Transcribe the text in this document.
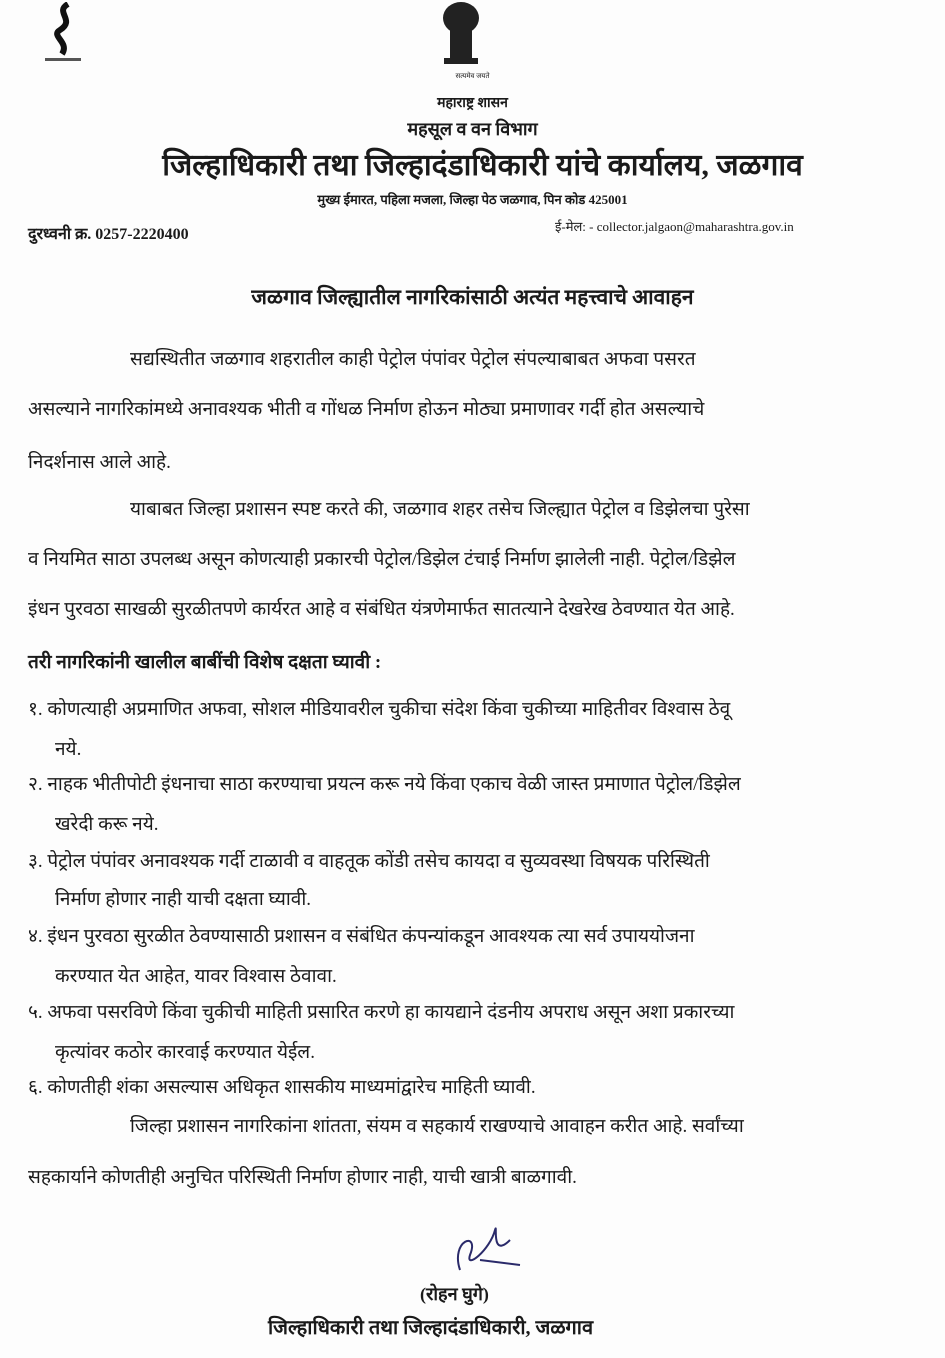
सत्यमेव जयते
महाराष्ट्र शासन
महसूल व वन विभाग
जिल्हाधिकारी तथा जिल्हादंडाधिकारी यांचे कार्यालय, जळगाव
मुख्य ईमारत, पहिला मजला, जिल्हा पेठ जळगाव, पिन कोड 425001
दुरध्वनी क्र. 0257-2220400	ई-मेल: - collector.jalgaon@maharashtra.gov.in
जळगाव जिल्ह्यातील नागरिकांसाठी अत्यंत महत्त्वाचे आवाहन
सद्यस्थितीत जळगाव शहरातील काही पेट्रोल पंपांवर पेट्रोल संपल्याबाबत अफवा पसरत
असल्याने नागरिकांमध्ये अनावश्यक भीती व गोंधळ निर्माण होऊन मोठ्या प्रमाणावर गर्दी होत असल्याचे
निदर्शनास आले आहे.
याबाबत जिल्हा प्रशासन स्पष्ट करते की, जळगाव शहर तसेच जिल्ह्यात पेट्रोल व डिझेलचा पुरेसा
व नियमित साठा उपलब्ध असून कोणत्याही प्रकारची पेट्रोल/डिझेल टंचाई निर्माण झालेली नाही. पेट्रोल/डिझेल
इंधन पुरवठा साखळी सुरळीतपणे कार्यरत आहे व संबंधित यंत्रणेमार्फत सातत्याने देखरेख ठेवण्यात येत आहे.
तरी नागरिकांनी खालील बाबींची विशेष दक्षता घ्यावी :
१. कोणत्याही अप्रमाणित अफवा, सोशल मीडियावरील चुकीचा संदेश किंवा चुकीच्या माहितीवर विश्वास ठेवू
नये.
२. नाहक भीतीपोटी इंधनाचा साठा करण्याचा प्रयत्न करू नये किंवा एकाच वेळी जास्त प्रमाणात पेट्रोल/डिझेल
खरेदी करू नये.
३. पेट्रोल पंपांवर अनावश्यक गर्दी टाळावी व वाहतूक कोंडी तसेच कायदा व सुव्यवस्था विषयक परिस्थिती
निर्माण होणार नाही याची दक्षता घ्यावी.
४. इंधन पुरवठा सुरळीत ठेवण्यासाठी प्रशासन व संबंधित कंपन्यांकडून आवश्यक त्या सर्व उपाययोजना
करण्यात येत आहेत, यावर विश्वास ठेवावा.
५. अफवा पसरविणे किंवा चुकीची माहिती प्रसारित करणे हा कायद्याने दंडनीय अपराध असून अशा प्रकारच्या
कृत्यांवर कठोर कारवाई करण्यात येईल.
६. कोणतीही शंका असल्यास अधिकृत शासकीय माध्यमांद्वारेच माहिती घ्यावी.
जिल्हा प्रशासन नागरिकांना शांतता, संयम व सहकार्य राखण्याचे आवाहन करीत आहे. सर्वांच्या
सहकार्याने कोणतीही अनुचित परिस्थिती निर्माण होणार नाही, याची खात्री बाळगावी.
(रोहन घुगे)
जिल्हाधिकारी तथा जिल्हादंडाधिकारी, जळगाव
